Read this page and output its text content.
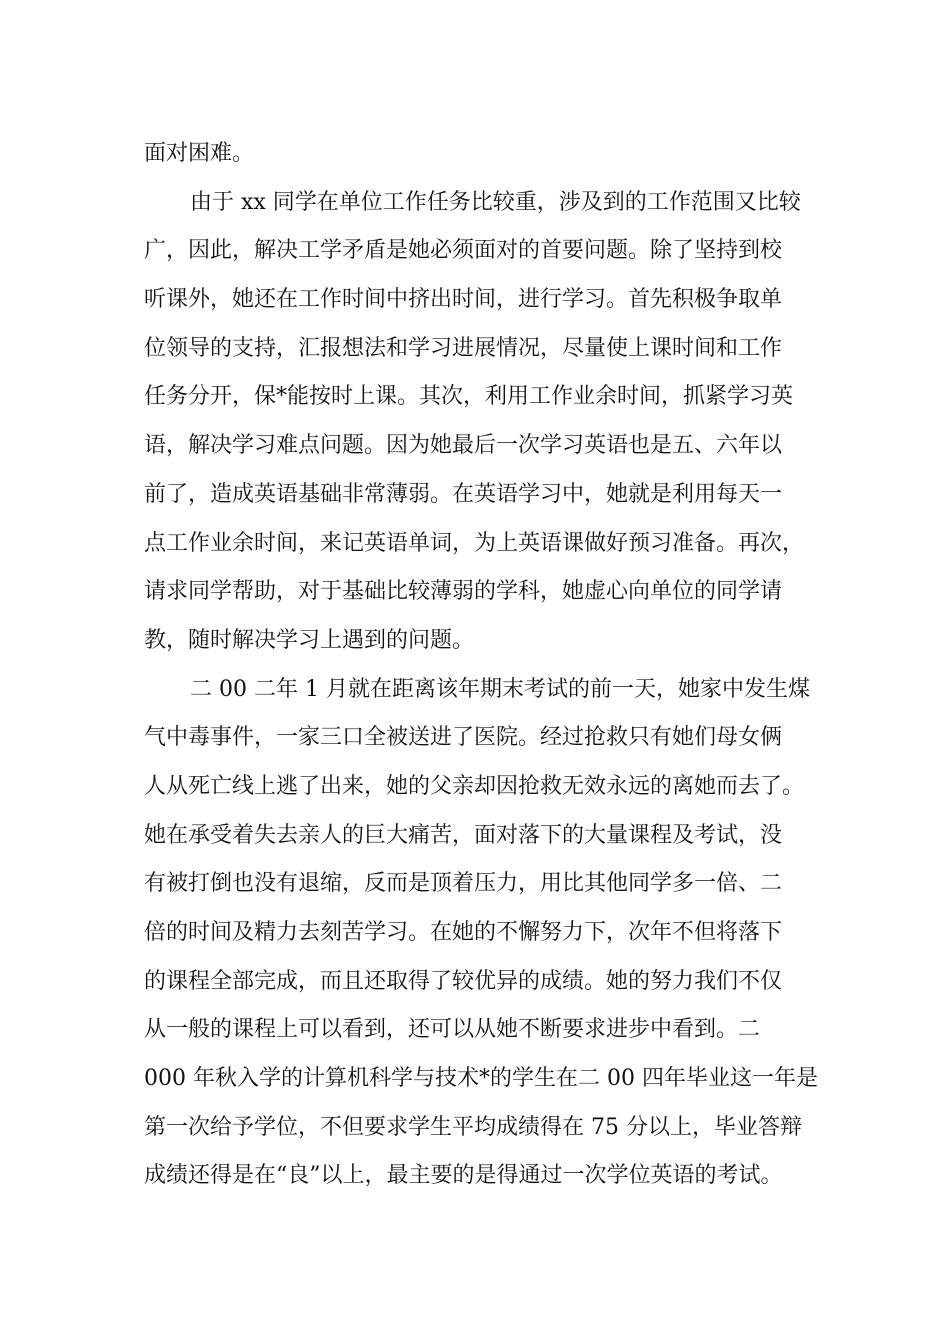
面对困难。
由于 xx 同学在单位工作任务比较重，涉及到的工作范围又比较
广，因此，解决工学矛盾是她必须面对的首要问题。除了坚持到校
听课外，她还在工作时间中挤出时间，进行学习。首先积极争取单
位领导的支持，汇报想法和学习进展情况，尽量使上课时间和工作
任务分开，保*能按时上课。其次，利用工作业余时间，抓紧学习英
语，解决学习难点问题。因为她最后一次学习英语也是五、六年以
前了，造成英语基础非常薄弱。在英语学习中，她就是利用每天一
点工作业余时间，来记英语单词，为上英语课做好预习准备。再次，
请求同学帮助，对于基础比较薄弱的学科，她虚心向单位的同学请
教，随时解决学习上遇到的问题。
二 00 二年 1 月就在距离该年期末考试的前一天，她家中发生煤
气中毒事件，一家三口全被送进了医院。经过抢救只有她们母女俩
人从死亡线上逃了出来，她的父亲却因抢救无效永远的离她而去了。
她在承受着失去亲人的巨大痛苦，面对落下的大量课程及考试，没
有被打倒也没有退缩，反而是顶着压力，用比其他同学多一倍、二
倍的时间及精力去刻苦学习。在她的不懈努力下，次年不但将落下
的课程全部完成，而且还取得了较优异的成绩。她的努力我们不仅
从一般的课程上可以看到，还可以从她不断要求进步中看到。二
000 年秋入学的计算机科学与技术*的学生在二 00 四年毕业这一年是
第一次给予学位，不但要求学生平均成绩得在 75 分以上，毕业答辩
成绩还得是在“良”以上，最主要的是得通过一次学位英语的考试。
